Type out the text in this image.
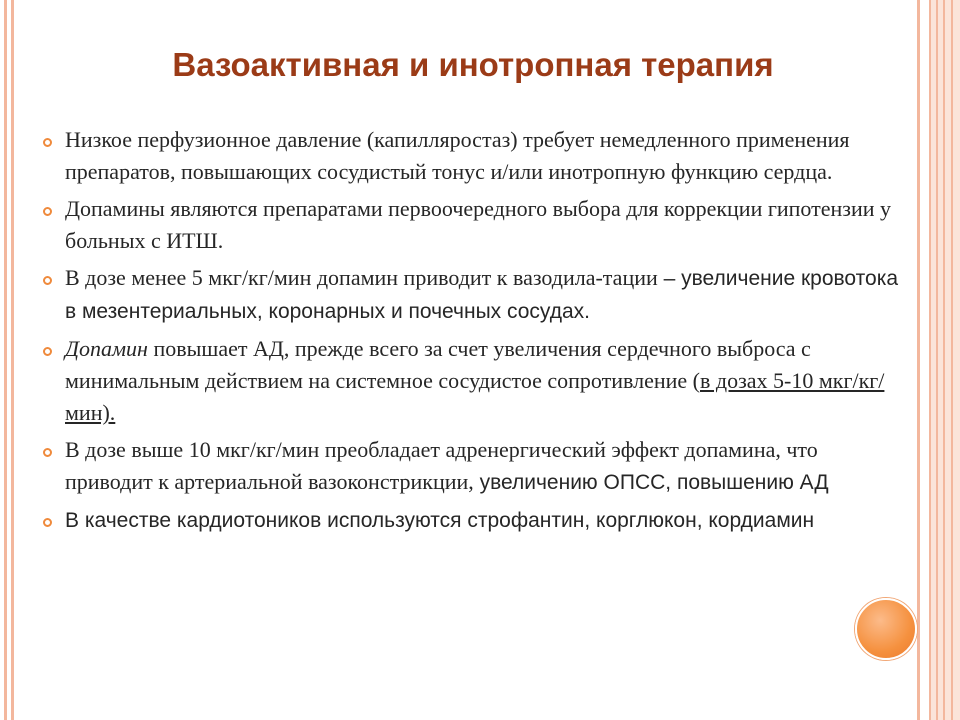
Вазоактивная и инотропная терапия
Низкое перфузионное давление (капилляростаз) требует немедленного применения препаратов, повышающих сосудистый тонус и/или инотропную функцию сердца.
Допамины являются препаратами первоочередного выбора для коррекции гипотензии у больных с ИТШ.
В дозе менее 5 мкг/кг/мин допамин приводит к вазодила-тации – увеличение кровотока в мезентериальных, коронарных и почечных сосудах.
Допамин повышает АД, прежде всего за счет увеличения сердечного выброса с минимальным действием на системное сосудистое сопротивление (в дозах 5-10 мкг/кг/мин).
В дозе выше 10 мкг/кг/мин преобладает адренергический эффект допамина, что приводит к артериальной вазоконстрикции, увеличению ОПСС, повышению АД
В качестве кардиотоников используются строфантин, корглюкон, кордиамин
